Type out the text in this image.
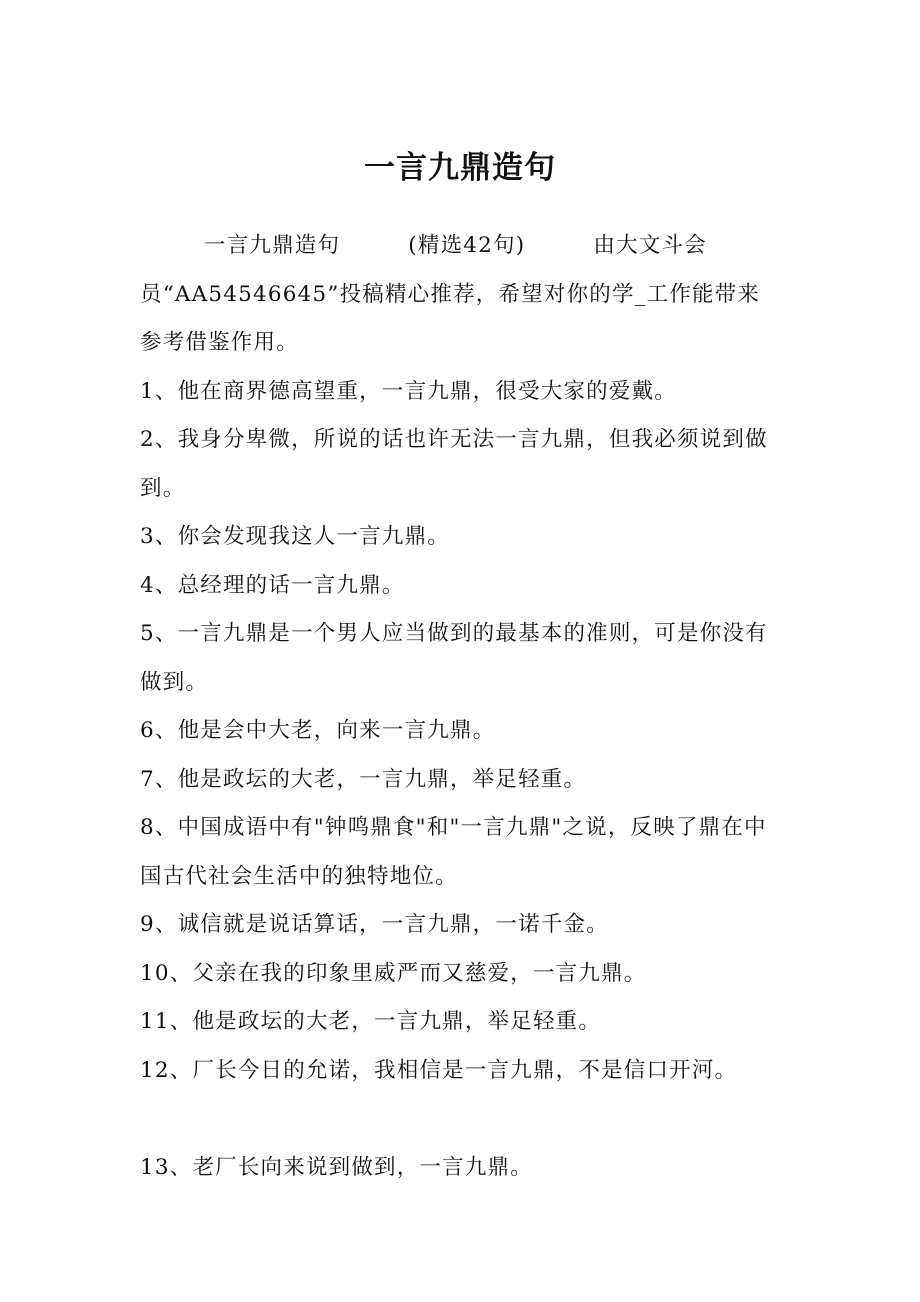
一言九鼎造句

一言九鼎造句　　　(精选42句)　　　由大文斗会员“AA54546645”投稿精心推荐，希望对你的学_工作能带来参考借鉴作用。

1、他在商界德高望重，一言九鼎，很受大家的爱戴。

2、我身分卑微，所说的话也许无法一言九鼎，但我必须说到做到。

3、你会发现我这人一言九鼎。

4、总经理的话一言九鼎。

5、一言九鼎是一个男人应当做到的最基本的准则，可是你没有做到。

6、他是会中大老，向来一言九鼎。

7、他是政坛的大老，一言九鼎，举足轻重。

8、中国成语中有"钟鸣鼎食"和"一言九鼎"之说，反映了鼎在中国古代社会生活中的独特地位。

9、诚信就是说话算话，一言九鼎，一诺千金。

10、父亲在我的印象里威严而又慈爱，一言九鼎。

11、他是政坛的大老，一言九鼎，举足轻重。

12、厂长今日的允诺，我相信是一言九鼎，不是信口开河。

13、老厂长向来说到做到，一言九鼎。
